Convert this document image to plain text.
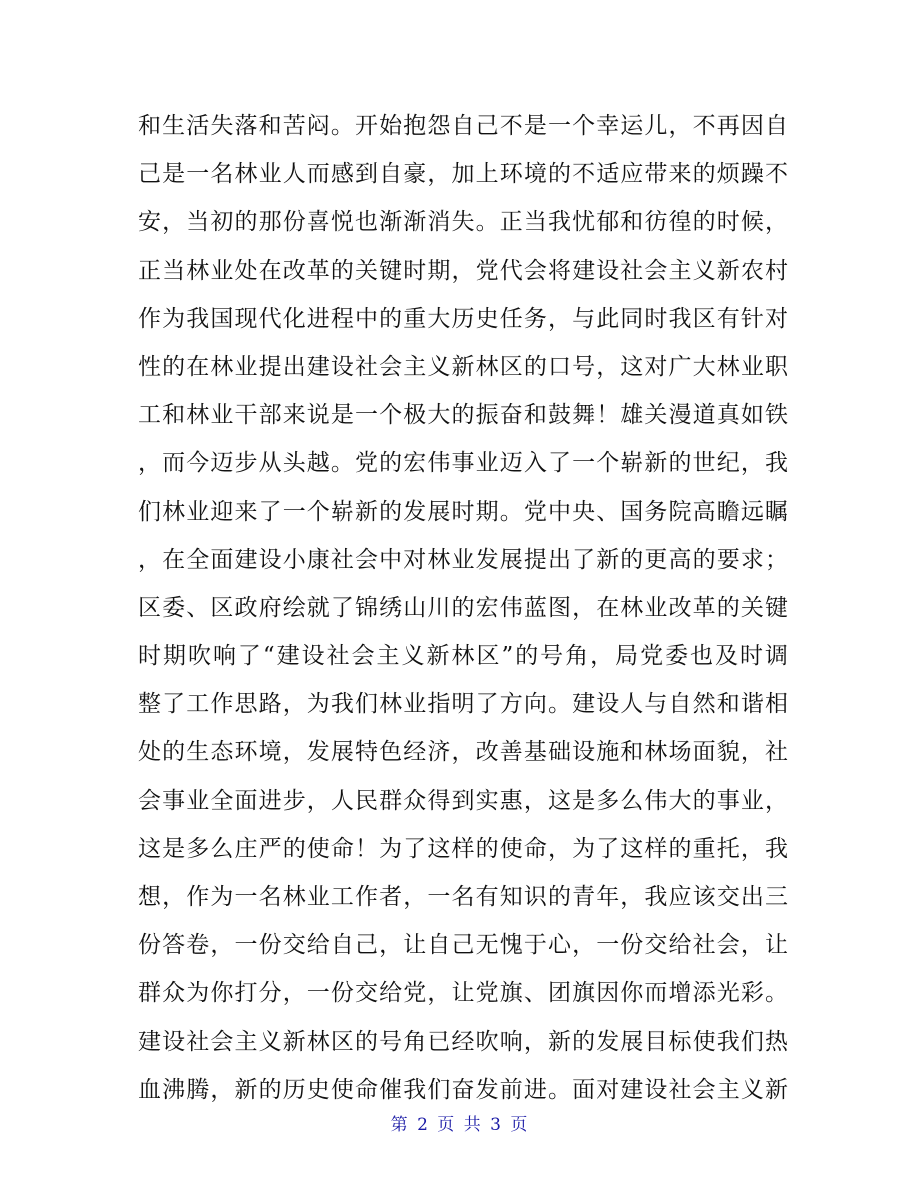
和生活失落和苦闷。开始抱怨自己不是一个幸运儿，不再因自
己是一名林业人而感到自豪，加上环境的不适应带来的烦躁不
安，当初的那份喜悦也渐渐消失。正当我忧郁和彷徨的时候，
正当林业处在改革的关键时期，党代会将建设社会主义新农村
作为我国现代化进程中的重大历史任务，与此同时我区有针对
性的在林业提出建设社会主义新林区的口号，这对广大林业职
工和林业干部来说是一个极大的振奋和鼓舞！雄关漫道真如铁
，而今迈步从头越。党的宏伟事业迈入了一个崭新的世纪，我
们林业迎来了一个崭新的发展时期。党中央、国务院高瞻远瞩
，在全面建设小康社会中对林业发展提出了新的更高的要求；
区委、区政府绘就了锦绣山川的宏伟蓝图，在林业改革的关键
时期吹响了“建设社会主义新林区”的号角，局党委也及时调
整了工作思路，为我们林业指明了方向。建设人与自然和谐相
处的生态环境，发展特色经济，改善基础设施和林场面貌，社
会事业全面进步，人民群众得到实惠，这是多么伟大的事业，
这是多么庄严的使命！为了这样的使命，为了这样的重托，我
想，作为一名林业工作者，一名有知识的青年，我应该交出三
份答卷，一份交给自己，让自己无愧于心，一份交给社会，让
群众为你打分，一份交给党，让党旗、团旗因你而增添光彩。
建设社会主义新林区的号角已经吹响，新的发展目标使我们热
血沸腾，新的历史使命催我们奋发前进。面对建设社会主义新
第 2 页 共 3 页
